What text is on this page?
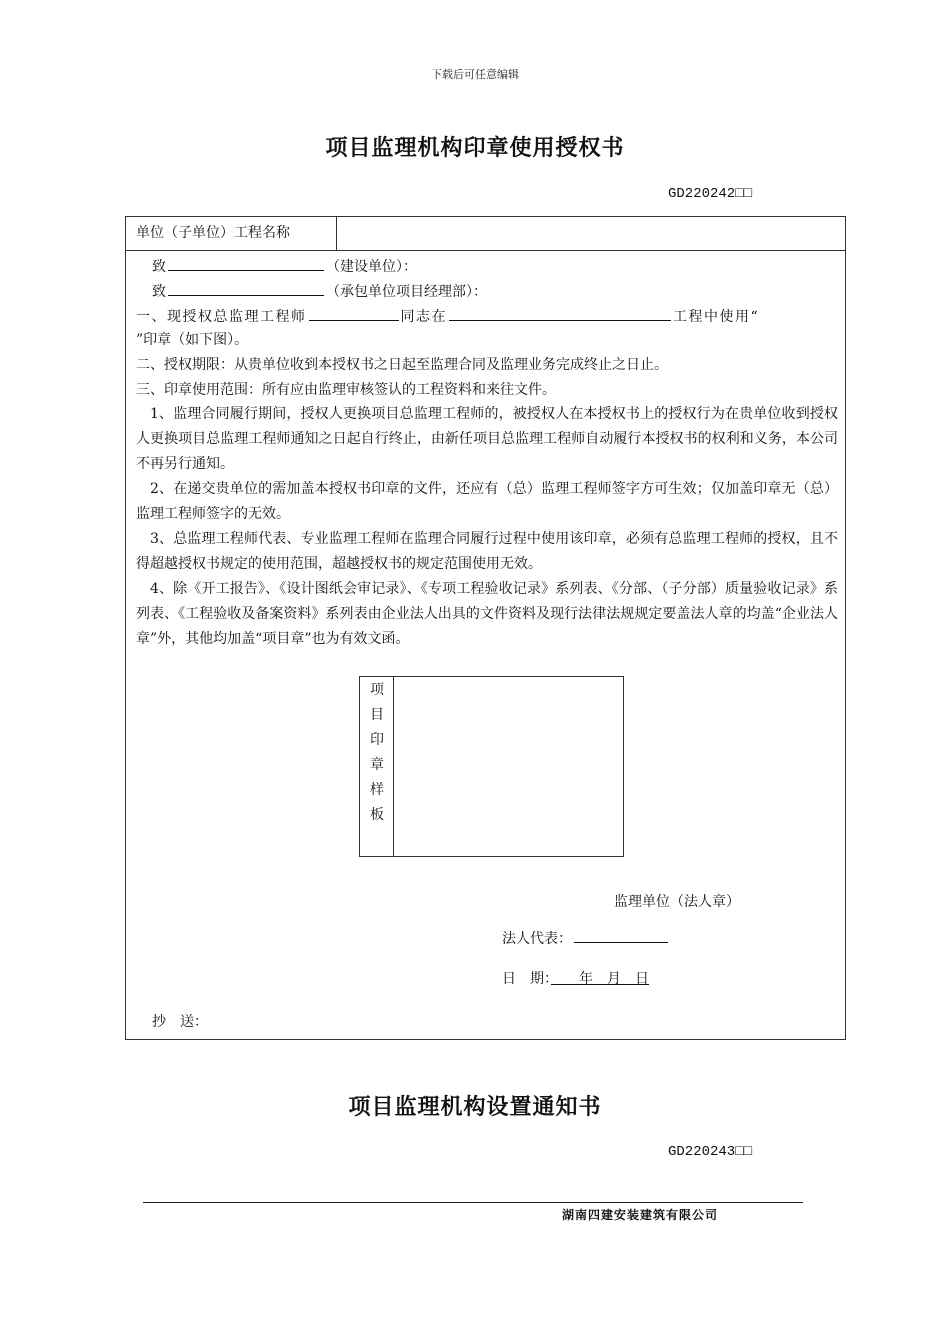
下载后可任意编辑
项目监理机构印章使用授权书
GD220242□□
单位（子单位）工程名称
致	（建设单位）：
致	（承包单位项目经理部）：
一、现授权总监理工程师	同志在	工程中使用“
”印章（如下图）。
二、授权期限：从贵单位收到本授权书之日起至监理合同及监理业务完成终止之日止。
三、印章使用范围：所有应由监理审核签认的工程资料和来往文件。
1、监理合同履行期间，授权人更换项目总监理工程师的，被授权人在本授权书上的授权行为在贵单位收到授权人更换项目总监理工程师通知之日起自行终止，由新任项目总监理工程师自动履行本授权书的权利和义务，本公司不再另行通知。
2、在递交贵单位的需加盖本授权书印章的文件，还应有（总）监理工程师签字方可生效；仅加盖印章无（总）监理工程师签字的无效。
3、总监理工程师代表、专业监理工程师在监理合同履行过程中使用该印章，必须有总监理工程师的授权，且不得超越授权书规定的使用范围，超越授权书的规定范围使用无效。
4、除《开工报告》、《设计图纸会审记录》、《专项工程验收记录》系列表、《分部、（子分部）质量验收记录》系列表、《工程验收及备案资料》系列表由企业法人出具的文件资料及现行法律法规规定要盖法人章的均盖“企业法人章”外，其他均加盖“项目章”也为有效文函。
项
目
印
章
样
板
监理单位（法人章）
法人代表：
日　期：　　年　月　日
抄　送：
项目监理机构设置通知书
GD220243□□
湖南四建安装建筑有限公司
